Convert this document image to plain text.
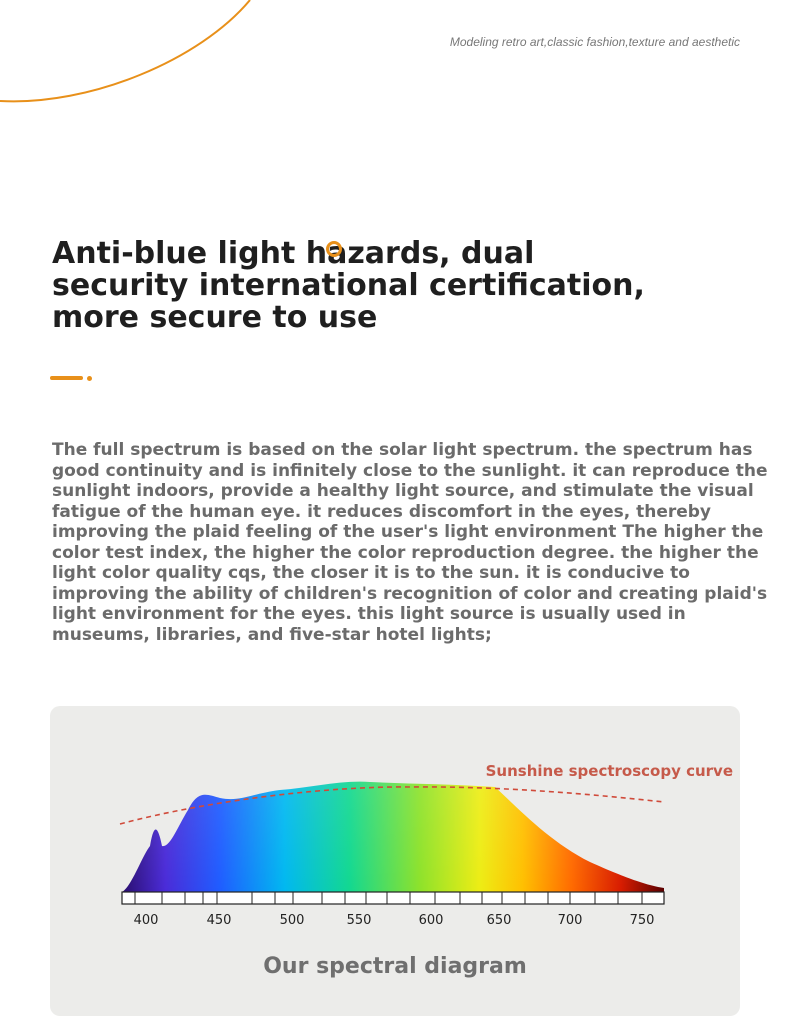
Modeling retro art,classic fashion,texture and aesthetic
Anti-blue light hazards, dual
security international certification,
more secure to use
The full spectrum is based on the solar light spectrum. the spectrum has
good continuity and is infinitely close to the sunlight. it can reproduce the
sunlight indoors, provide a healthy light source, and stimulate the visual
fatigue of the human eye. it reduces discomfort in the eyes, thereby
improving the plaid feeling of the user's light environment The higher the
color test index, the higher the color reproduction degree. the higher the
light color quality cqs, the closer it is to the sun. it is conducive to
improving the ability of children's recognition of color and creating plaid's
light environment for the eyes. this light source is usually used in
museums, libraries, and five-star hotel lights;
400	450	500	550	600	650	700	750
Sunshine spectroscopy curve
Our spectral diagram
